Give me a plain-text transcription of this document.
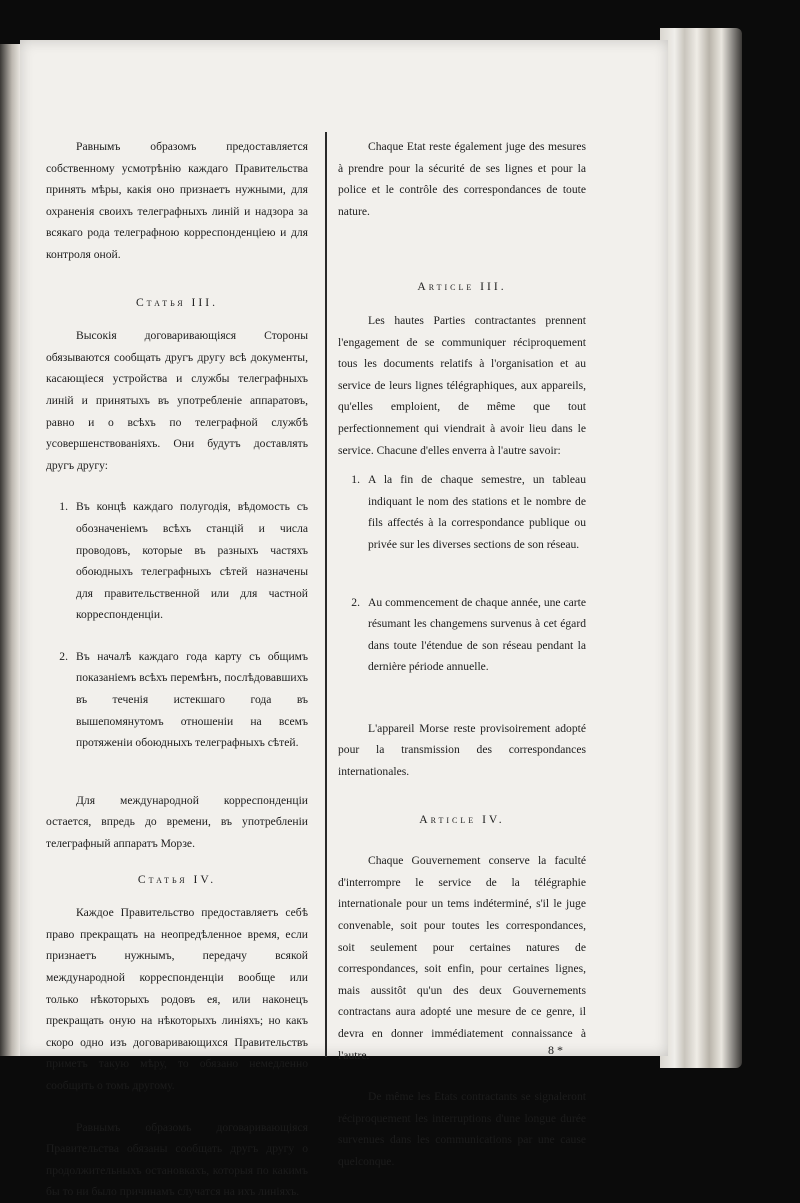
Равнымъ образомъ предоставляется собственному усмотрѣнію каждаго Правительства принять мѣры, какія оно признаетъ нужными, для охраненія своихъ телеграфныхъ линій и надзора за всякаго рода телеграфною корреспонденціею и для контроля оной.

Статья III.

Высокія договаривающіяся Стороны обязываются сообщать другъ другу всѣ документы, касающіеся устройства и службы телеграфныхъ линій и принятыхъ въ употребленіе аппаратовъ, равно и о всѣхъ по телеграфной службѣ усовершенствованіяхъ. Они будутъ доставлять другъ другу:

1. Въ концѣ каждаго полугодія, вѣдомость съ обозначеніемъ всѣхъ станцій и числа проводовъ, которые въ разныхъ частяхъ обоюдныхъ телеграфныхъ сѣтей назначены для правительственной или для частной корреспонденціи.
2. Въ началѣ каждаго года карту съ общимъ показаніемъ всѣхъ перемѣнъ, послѣдовавшихъ въ теченія истекшаго года въ вышепомянутомъ отношеніи на всемъ протяженіи обоюдныхъ телеграфныхъ сѣтей.

Для международной корреспонденціи остается, впредь до времени, въ употребленіи телеграфный аппаратъ Морзе.

Статья IV.

Каждое Правительство предоставляетъ себѣ право прекращать на неопредѣленное время, если признаетъ нужнымъ, передачу всякой международной корреспонденціи вообще или только нѣкоторыхъ родовъ ея, или наконецъ прекращать оную на нѣкоторыхъ линіяхъ; но какъ скоро одно изъ договаривающихся Правительствъ приметъ такую мѣру, то обязано немедленно сообщить о томъ другому.

Равнымъ образомъ договаривающіяся Правительства обязаны сообщать другъ другу о продолжительныхъ остановкахъ, которыя по какимъ бы то ни было причинамъ случатся на ихъ линіяхъ.

Chaque Etat reste également juge des mesures à prendre pour la sécurité de ses lignes et pour la police et le contrôle des correspondances de toute nature.

Article III.

Les hautes Parties contractantes prennent l'engagement de se communiquer réciproquement tous les documents relatifs à l'organisation et au service de leurs lignes télégraphiques, aux appareils, qu'elles emploient, de même que tout perfectionnement qui viendrait à avoir lieu dans le service. Chacune d'elles enverra à l'autre savoir:

1. A la fin de chaque semestre, un tableau indiquant le nom des stations et le nombre de fils affectés à la correspondance publique ou privée sur les diverses sections de son réseau.
2. Au commencement de chaque année, une carte résumant les changemens survenus à cet égard dans toute l'étendue de son réseau pendant la dernière période annuelle.

L'appareil Morse reste provisoirement adopté pour la transmission des correspondances internationales.

Article IV.

Chaque Gouvernement conserve la faculté d'interrompre le service de la télégraphie internationale pour un tems indéterminé, s'il le juge convenable, soit pour toutes les correspondances, soit seulement pour certaines natures de correspondances, soit enfin, pour certaines lignes, mais aussitôt qu'un des deux Gouvernements contractans aura adopté une mesure de ce genre, il devra en donner immédiatement connaissance à l'autre.

De même les Etats contractants se signaleront réciproquement les interruptions d'une longue durée survenues dans les communications par une cause quelconque.

8 *
